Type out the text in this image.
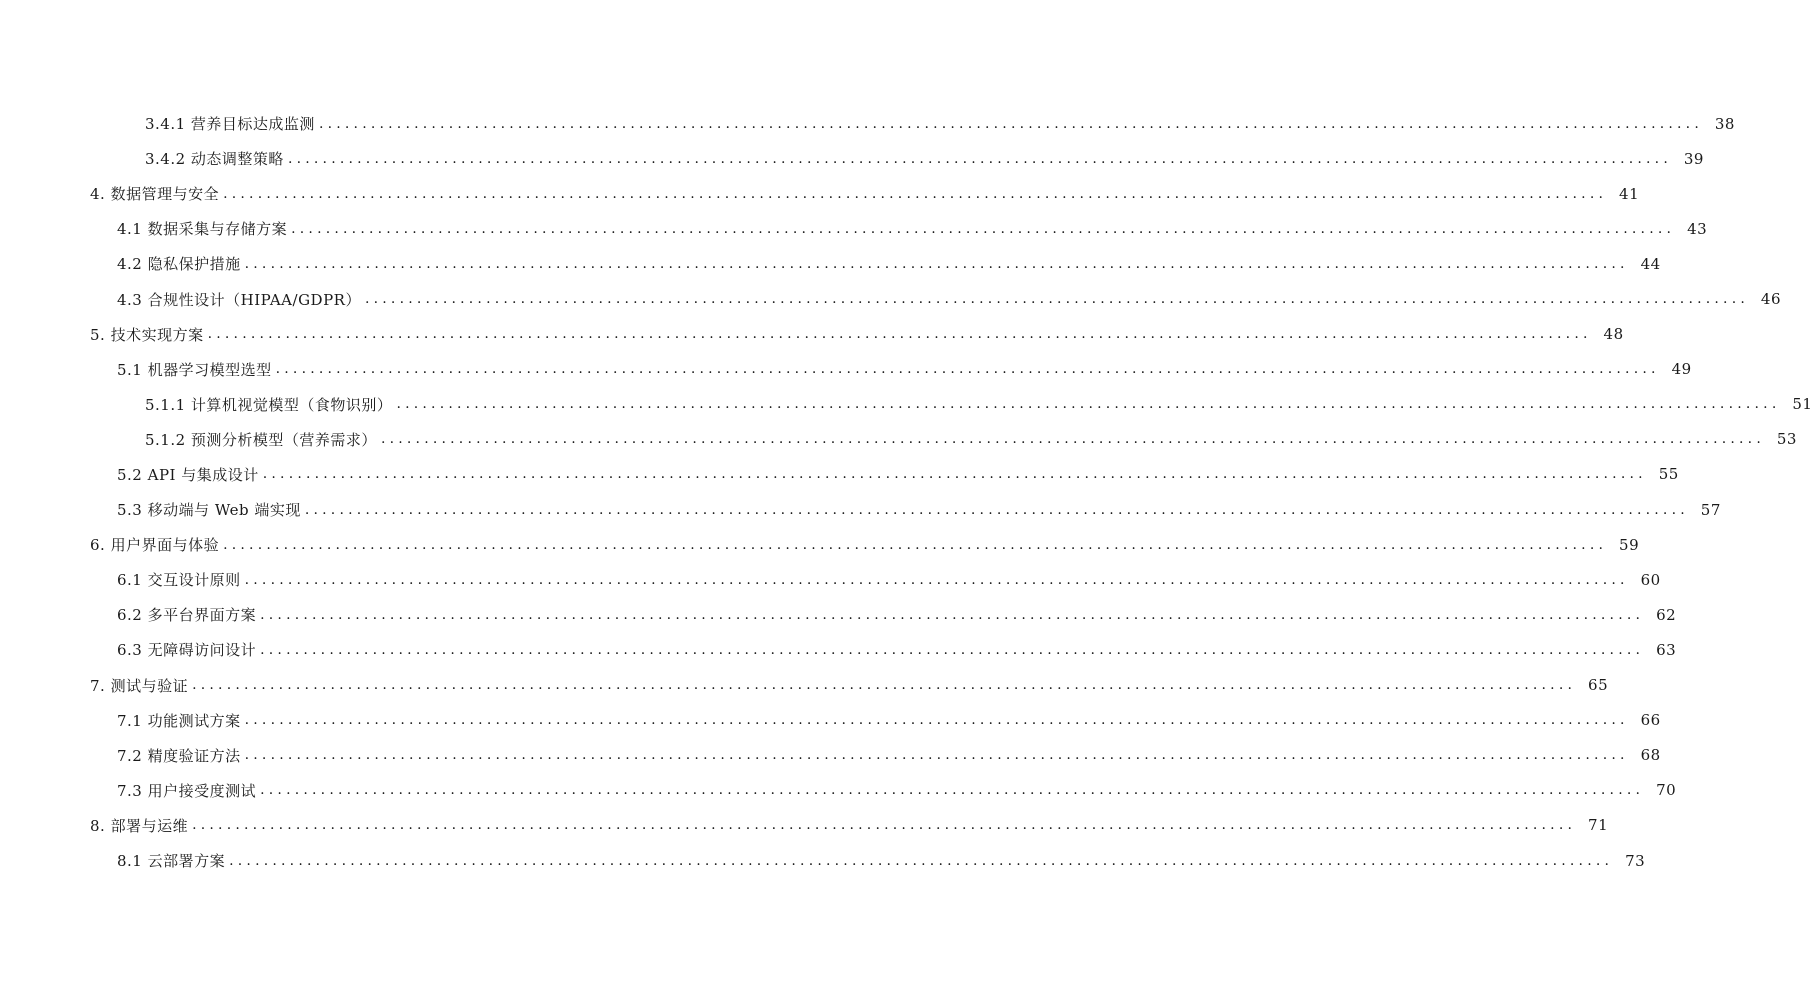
3.4.1 营养目标达成监测 ................................................................................................................................................................ 38
3.4.2 动态调整策略 ................................................................................................................................................................ 39
4. 数据管理与安全 ................................................................................................................................................................ 41
4.1 数据采集与存储方案 ................................................................................................................................................................ 43
4.2 隐私保护措施 ................................................................................................................................................................ 44
4.3 合规性设计（HIPAA/GDPR） ................................................................................................................................................................ 46
5. 技术实现方案 ................................................................................................................................................................ 48
5.1 机器学习模型选型 ................................................................................................................................................................ 49
5.1.1 计算机视觉模型（食物识别） ................................................................................................................................................................ 51
5.1.2 预测分析模型（营养需求） ................................................................................................................................................................ 53
5.2 API 与集成设计 ................................................................................................................................................................ 55
5.3 移动端与 Web 端实现 ................................................................................................................................................................ 57
6. 用户界面与体验 ................................................................................................................................................................ 59
6.1 交互设计原则 ................................................................................................................................................................ 60
6.2 多平台界面方案 ................................................................................................................................................................ 62
6.3 无障碍访问设计 ................................................................................................................................................................ 63
7. 测试与验证 ................................................................................................................................................................ 65
7.1 功能测试方案 ................................................................................................................................................................ 66
7.2 精度验证方法 ................................................................................................................................................................ 68
7.3 用户接受度测试 ................................................................................................................................................................ 70
8. 部署与运维 ................................................................................................................................................................ 71
8.1 云部署方案 ................................................................................................................................................................ 73
